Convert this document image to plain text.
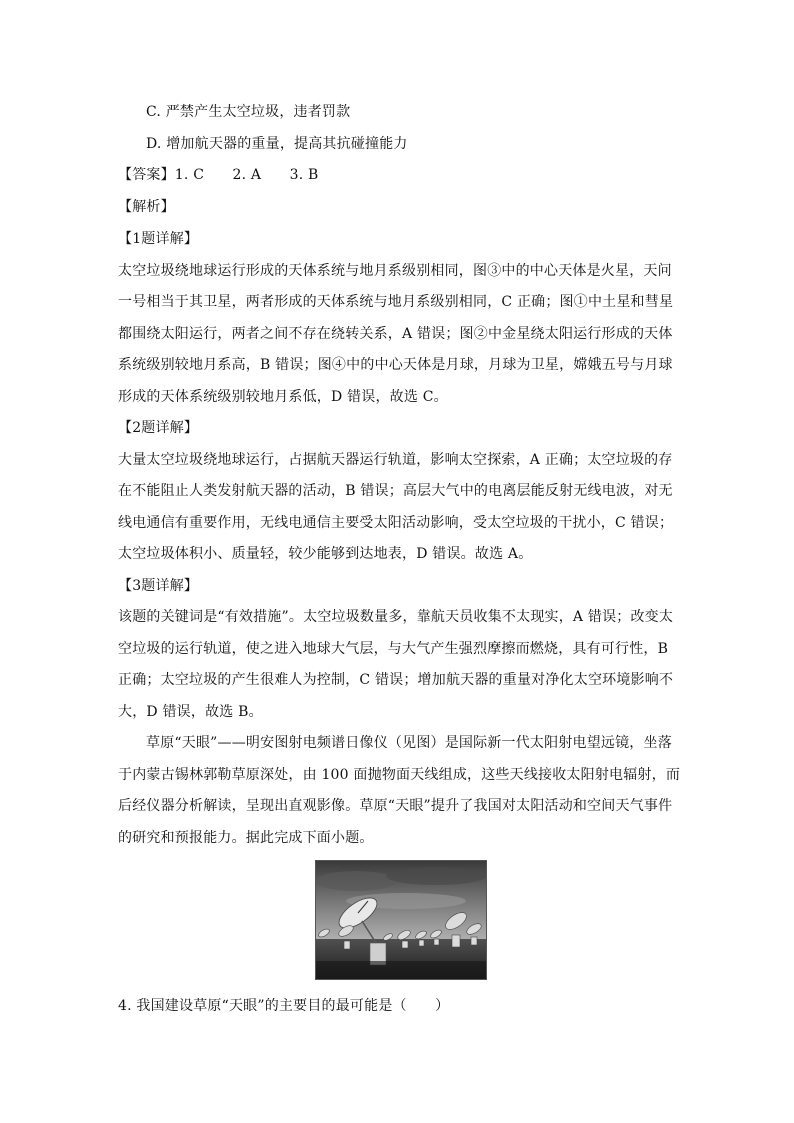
C. 严禁产生太空垃圾，违者罚款
D. 增加航天器的重量，提高其抗碰撞能力
【答案】1. C　　2. A　　3. B
【解析】
【1题详解】
太空垃圾绕地球运行形成的天体系统与地月系级别相同，图③中的中心天体是火星，天问
一号相当于其卫星，两者形成的天体系统与地月系级别相同，C 正确；图①中土星和彗星
都围绕太阳运行，两者之间不存在绕转关系，A 错误；图②中金星绕太阳运行形成的天体
系统级别较地月系高，B 错误；图④中的中心天体是月球，月球为卫星，嫦娥五号与月球
形成的天体系统级别较地月系低，D 错误，故选 C。
【2题详解】
大量太空垃圾绕地球运行，占据航天器运行轨道，影响太空探索，A 正确；太空垃圾的存
在不能阻止人类发射航天器的活动，B 错误；高层大气中的电离层能反射无线电波，对无
线电通信有重要作用，无线电通信主要受太阳活动影响，受太空垃圾的干扰小，C 错误；
太空垃圾体积小、质量轻，较少能够到达地表，D 错误。故选 A。
【3题详解】
该题的关键词是“有效措施”。太空垃圾数量多，靠航天员收集不太现实，A 错误；改变太
空垃圾的运行轨道，使之进入地球大气层，与大气产生强烈摩擦而燃烧，具有可行性，B
正确；太空垃圾的产生很难人为控制，C 错误；增加航天器的重量对净化太空环境影响不
大，D 错误，故选 B。
草原“天眼”——明安图射电频谱日像仪（见图）是国际新一代太阳射电望远镜，坐落
于内蒙古锡林郭勒草原深处，由 100 面抛物面天线组成，这些天线接收太阳射电辐射，而
后经仪器分析解读，呈现出直观影像。草原“天眼”提升了我国对太阳活动和空间天气事件
的研究和预报能力。据此完成下面小题。
4. 我国建设草原“天眼”的主要目的最可能是（　　）
